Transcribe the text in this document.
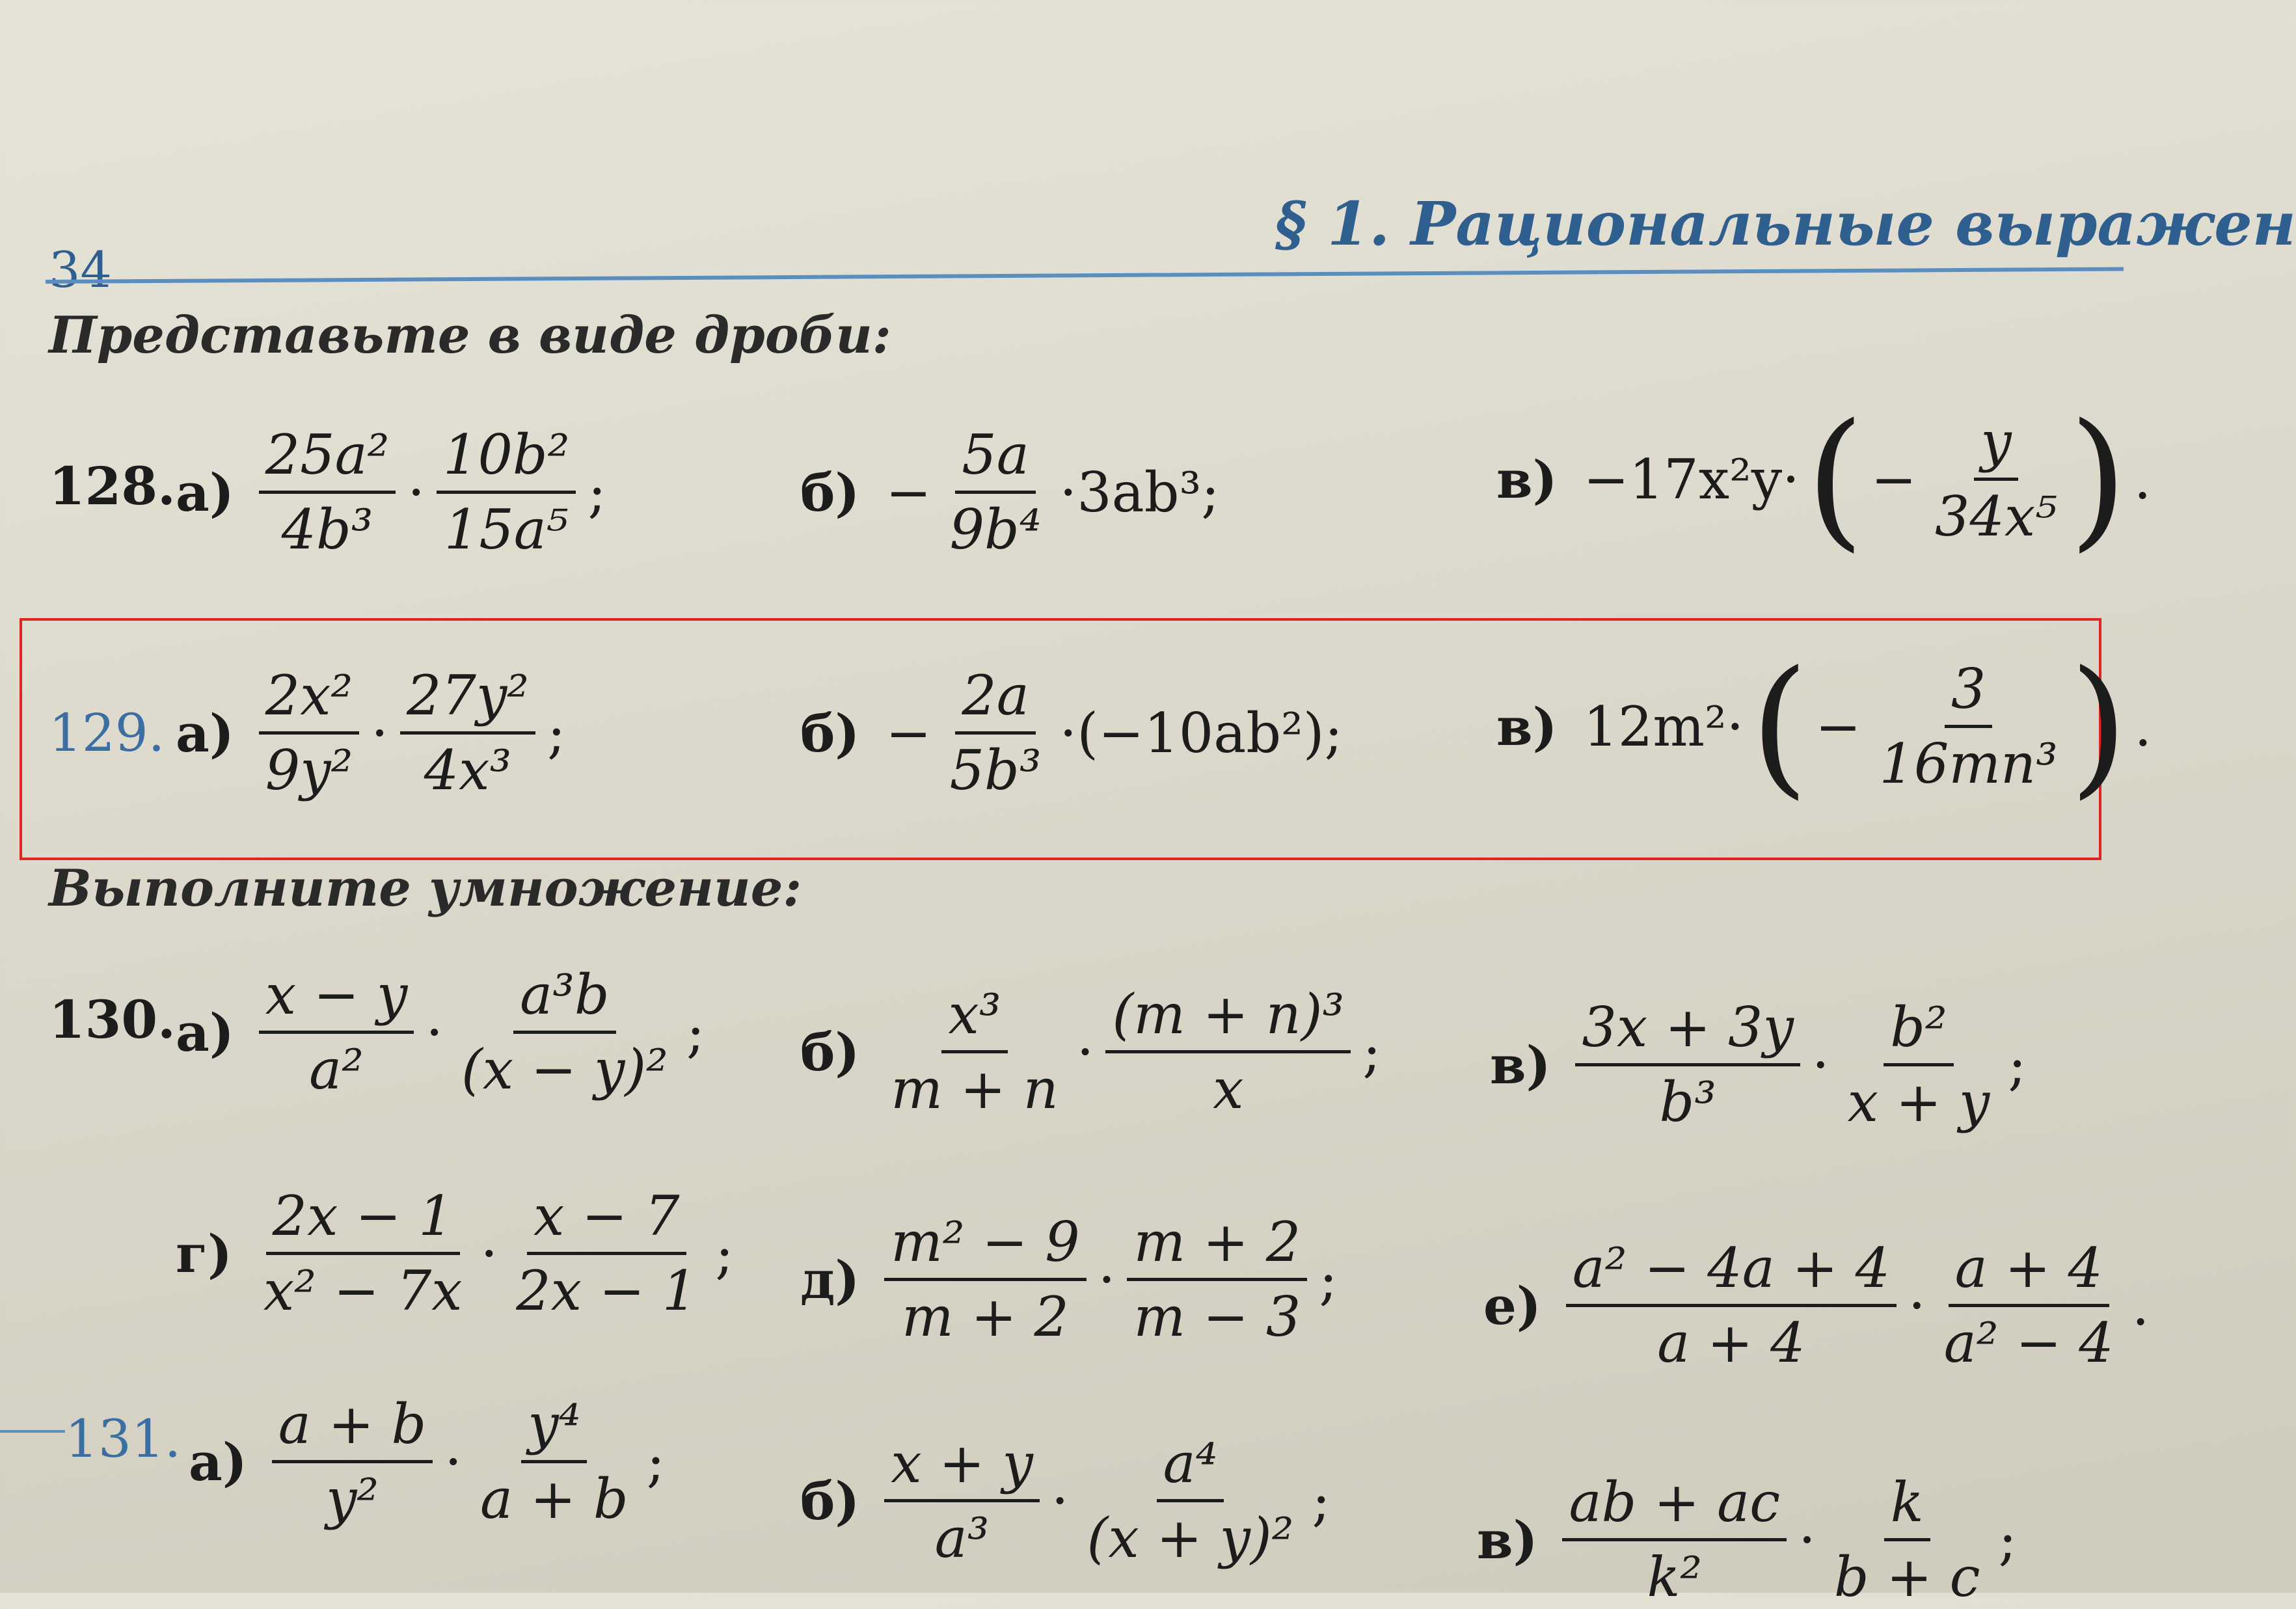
34
§ 1. Рациональные выражен
Представьте в виде дроби:
128. $а) \frac{\text{25a²}}{\text{4b³}} \cdot \frac{\text{10b²}}{\text{15a⁵}}$ ;	$б) - \frac{5a}{\text{9b⁴}} \cdot 3ab^3$;	в) −17x²y· ( − $\frac{y}{\text{34x⁵}}$ ) .
129. $а) \frac{\text{2x²}}{\text{9y²}} \cdot \frac{\text{27y²}}{\text{4x³}}$ ;	$б) - \frac{2a}{\text{5b³}} \cdot(-10ab^2)$;	в) 12m²· ( − $\frac{3}{\text{16mn³}}$ ) .
Выполните умножение:
130. $а) \frac{x - y}{\text{a²}} \cdot \frac{\text{a³b}}{\text{(x − y)²}}$ ; $б) \frac{\text{x³}}{m + n} \cdot \frac{\text{(m + n)³}}{x}$ ; $в) \frac{3x + 3y}{\text{b³}} \cdot \frac{\text{b²}}{x + y}$ ;
$г) \frac{2x - 1}{\text{x² − 7x}} \cdot \frac{x - 7}{2x - 1}$ ; $д) \frac{\text{m² − 9}}{m + 2} \cdot \frac{m + 2}{m - 3}$ ;	$е) \frac{\text{a² − 4a + 4}}{a + 4} \cdot \frac{a + 4}{\text{a² − 4}}$ .
131. $а) \frac{a + b}{\text{y²}} \cdot \frac{\text{y⁴}}{a + b}$ ;
$б) \frac{x + y}{\text{a³}} \cdot \frac{\text{a⁴}}{\text{(x + y)²}}$ ;
$в) \frac{ab + ac}{\text{k²}} \cdot \frac{k}{b + c}$ ;
